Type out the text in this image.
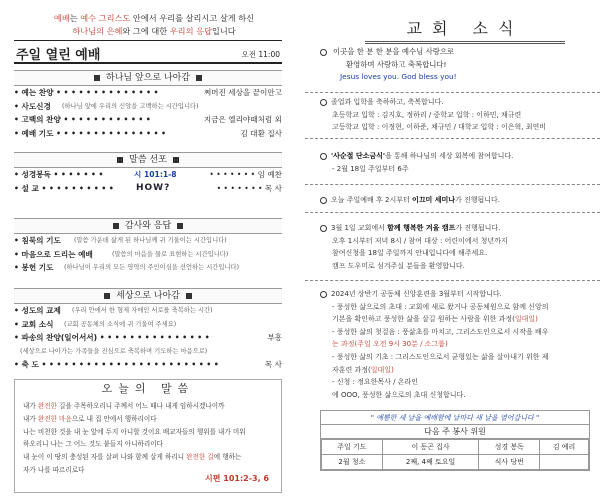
예배는 예수 그리스도 안에서 우리를 살리시고 살게 하신
하나님의 은혜와 그에 대한 우리의 응답입니다
주일 열린 예배	오전 11:00
하나님 앞으로 나아감
• 예는 찬양 • • • • • • • • • • • • • •	쩌머진 세상을 끝이안고
• 사도신경 (하나님 앞에 우리의 신앙을 고백하는 시간입니다)
• 고백의 찬양 • • • • • • • • • • • •	지금은 엘리야때처럼 외
• 예배 기도 • • • • • • • • • • • • • • •	김 대환 집사
말씀 선포
• 성경봉독 • • • • • • •	시 101:1-8	• • • • • • • 임 예찬
• 설 교 • • • • • • • • • • HOW?	• • • • • • • 목 사
감사와 응답
• 침묵의 기도 (말씀 가운데 삶게 된 하나님께 귀 기울이는 시간입니다)
• 마음으로 드리는 예배	(말씀의 마음을 물로 표현하는 시간입니다)
• 봉헌 기도 (하나님이 우리의 모든 영역의 주인이심을 선언하는 시간입니다)
세상으로 나아감
• 성도의 교제 (우리 안에서 한 형제 자매인 서로를 축복하는 시간)
• 교회 소식 (교회 공동체의 소식에 귀 기울여 주세요)
• 파송의 찬양(일어서서) • • • • • • • • • • • • • • •	부흥
(세상으로 나아가는 가족들을 진심으로 축복하며 기도하는 마음으로)
• 축 도 • • • • • • • • • • • • • • • • • • • • • • • •	목 사
오늘의 말씀
내가 완전한 길을 주목하오리니 주께서 어느 때나 내게 임하시겠나이까
내가 완전한 마음으로 내 집 안에서 행하리이다
나는 비천한 것을 내 눈 앞에 두지 아니할 것이요 배교자들의 행위를 내가 미워
하오리니 나는 그 어느 것도 붙들지 아니하리이다
내 눈이 이 땅의 충성된 자를 살펴 나와 함께 살게 하리니 완전한 길에 행하는
자가 나를 따르리로다
시편 101:2-3, 6
교회 소식
이곳을 한 분 한 분을 예수님 사랑으로
환영하며 사랑하고 축복합니다!
Jesus loves you. God bless you!
졸업과 입학을 축하하고, 축복합니다.
초등학교 입학 : 김지호, 정하리 / 중학교 입학 : 이하민, 채규련
고등학교 입학 : 이정현, 이하준, 채규민 / 대학교 입학 : 이은혁, 최연비
'사순절 단소금식'을 통해 하나님의 세상 회복에 참여합니다.
- 2월 18일 주일부터 6주
오늘 주일예배 후 2시부터 이끄미 세미나가 진행됩니다.
3월 1일 교회에서 함께 행복한 겨울 캠프가 진행됩니다.
오후 1시부터 저녁 8시 / 참여 대상 : 어린이에서 청년까지
참여신청을 18일 주일까지 안내입니다에 해주세요.
캠프 도우미로 섬겨주실 분들을 환영합니다.
2024년 상반기 공동체 신앙훈련을 3월부터 시작합니다.
- 풍성한 삶으로의 초대 : 교회에 새로 왔거나 공동체원으로 함께 신앙의
기본을 확인하고 풍성한 삶을 살길 원하는 사람을 위한 과정(일대일)
- 풍성한 삶의 첫걸음 : 풍삶초를 마치고, 그리스도인으로서 시작을 배우
는 과정(주일 오전 9시 30분 / 소그룹)
- 풍성한 삶의 기초 : 그리스도인으로서 균형있는 삶을 살아내기 위한 제
자훈련 과정(일대일)
- 신청 : 정요한목사 / 온라인
에 OOO, 풍성한 삶으로의 초대 신청합니다.
" 예쁨한 새 날을 예배함에 날마다 새 날을 열어갑니다 "
다음 주 봉사 위원
주일 기도	이 동곤 집사	성경 봉독	김 예리
2월 청소	2째, 4째 토요일	식사 당번	
